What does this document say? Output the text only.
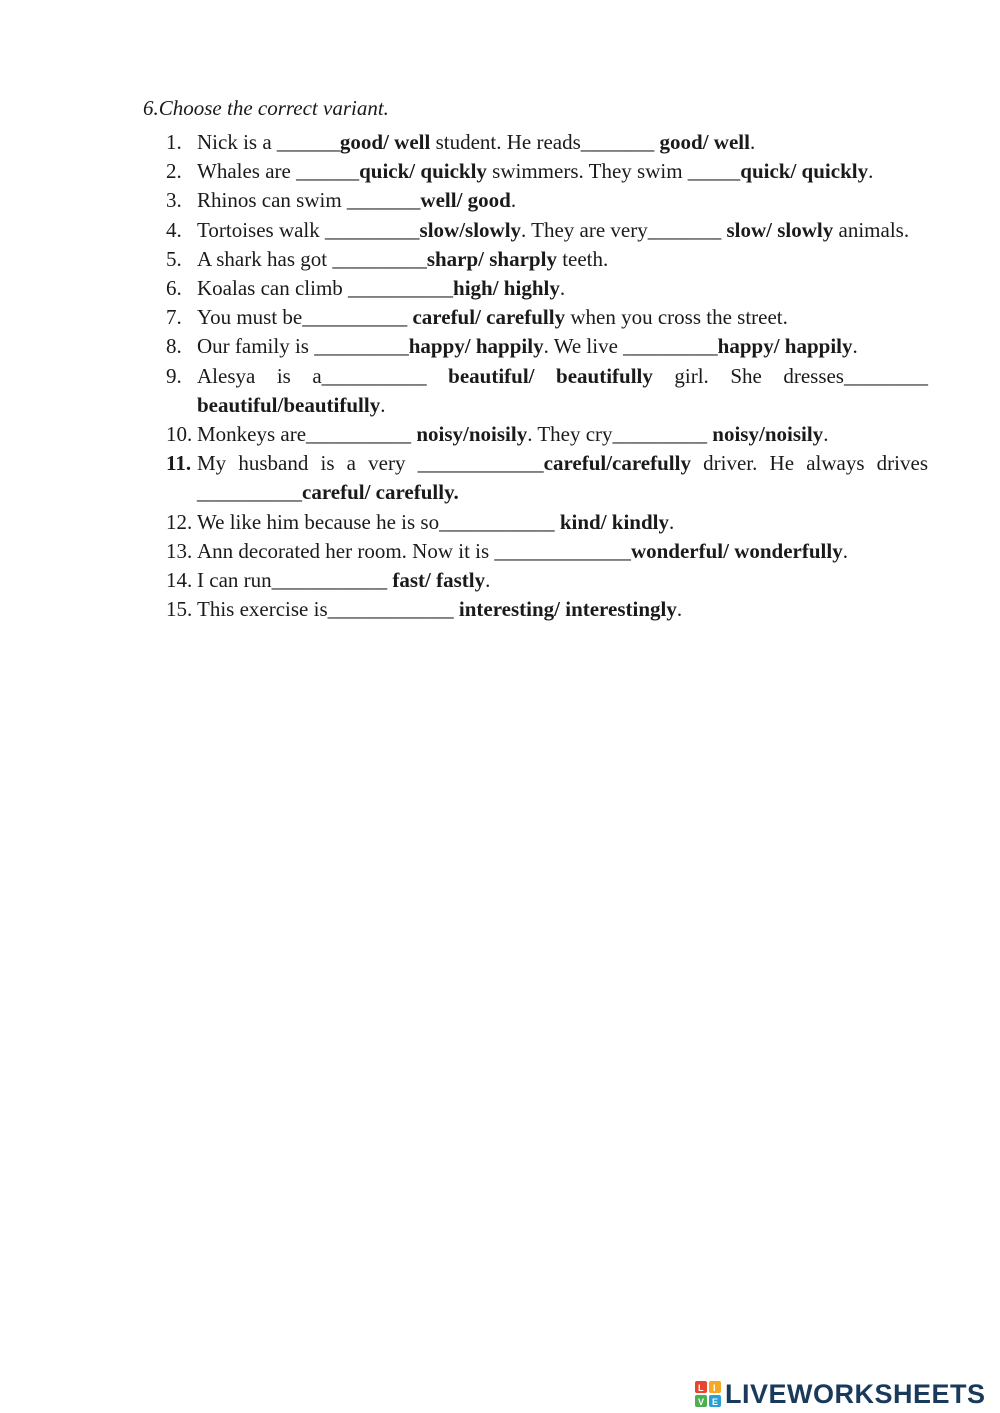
6.Choose the correct variant.
1. Nick is a ______good/ well student. He reads_______ good/ well.
2. Whales are ______quick/ quickly swimmers. They swim _____quick/ quickly.
3. Rhinos can swim _______well/ good.
4. Tortoises walk _________slow/slowly. They are very_______ slow/ slowly animals.
5. A shark has got _________sharp/ sharply teeth.
6. Koalas can climb __________high/ highly.
7. You must be__________ careful/ carefully when you cross the street.
8. Our family is _________happy/ happily. We live _________happy/ happily.
9. Alesya is a__________ beautiful/ beautifully girl. She dresses________ beautiful/beautifully.
10. Monkeys are__________ noisy/noisily. They cry_________ noisy/noisily.
11. My husband is a very ____________careful/carefully driver. He always drives __________careful/ carefully.
12. We like him because he is so___________ kind/ kindly.
13. Ann decorated her room. Now it is _____________wonderful/ wonderfully.
14. I can run___________ fast/ fastly.
15. This exercise is____________ interesting/ interestingly.
L I
V E LIVEWORKSHEETS
